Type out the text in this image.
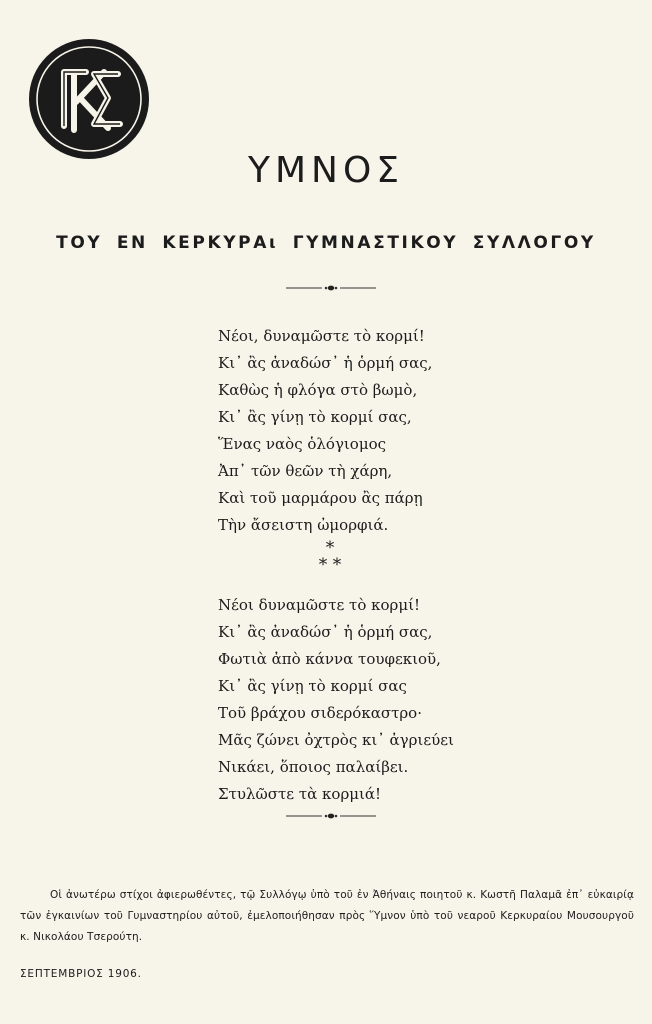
ΥΜΝΟΣ
ΤΟΥ ΕΝ ΚΕΡΚΥΡΑι ΓΥΜΝΑΣΤΙΚΟΥ ΣΥΛΛΟΓΟΥ
Νέοι, δυναμῶστε τὸ κορμί!
Κι᾿ ἂς ἀναδώσ᾿ ἡ ὁρμή σας,
Καθὼς ἡ φλόγα στὸ βωμὸ,
Κι᾿ ἂς γίνῃ τὸ κορμί σας,
Ἕνας ναὸς ὁλόγιομος
Ἀπ᾿ τῶν θεῶν τὴ χάρη,
Καὶ τοῦ μαρμάρου ἂς πάρῃ
Τὴν ἄσειστη ὠμορφιά.
*
* *
Νέοι δυναμῶστε τὸ κορμί!
Κι᾿ ἂς ἀναδώσ᾿ ἡ ὁρμή σας,
Φωτιὰ ἀπὸ κάννα τουφεκιοῦ,
Κι᾿ ἂς γίνῃ τὸ κορμί σας
Τοῦ βράχου σιδερόκαστρο·
Μᾶς ζώνει ὀχτρὸς κι᾿ ἀγριεύει
Νικάει, ὅποιος παλαίβει.
Στυλῶστε τὰ κορμιά!

Οἱ ἀνωτέρω στίχοι ἀφιερωθέντες, τῷ Συλλόγῳ ὑπὸ τοῦ ἐν Ἀθήναις ποιητοῦ κ. Κωστῆ Παλαμᾶ ἐπ᾿ εὐκαιρίᾳ τῶν ἐγκαινίων τοῦ Γυμναστηρίου αὐτοῦ, ἐμελοποιήθησαν πρὸς Ὕμνον ὑπὸ τοῦ νεαροῦ Κερκυραίου Μουσουργοῦ κ. Νικολάου Τσερούτη.

ΣΕΠΤΕΜΒΡΙΟΣ 1906.
